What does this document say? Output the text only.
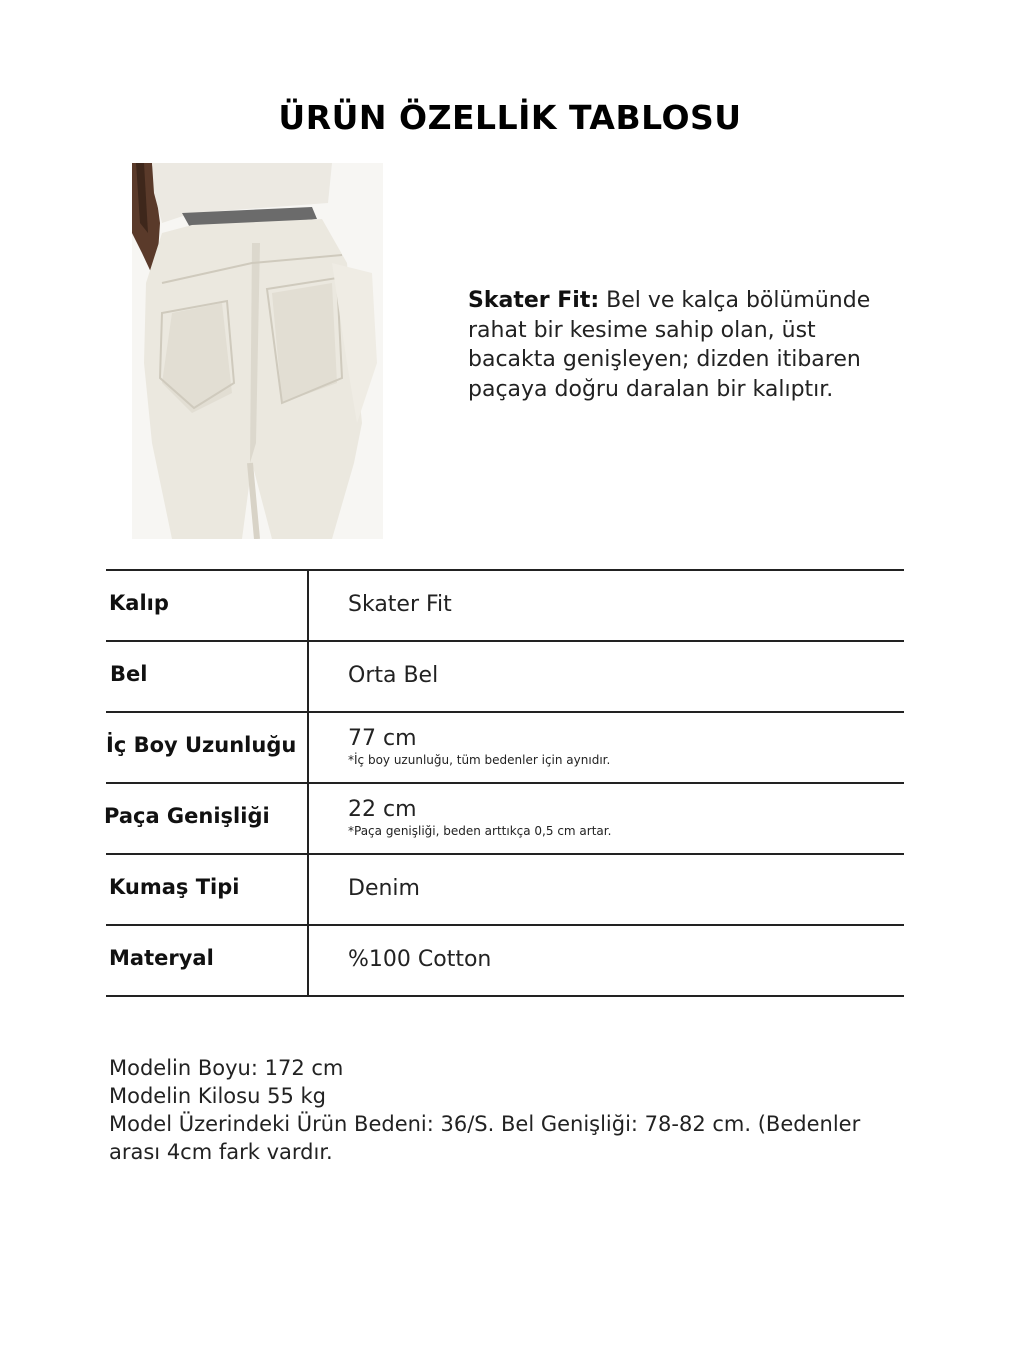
ÜRÜN ÖZELLİK TABLOSU
Skater Fit: Bel ve kalça bölümünde rahat bir kesime sahip olan, üst bacakta genişleyen; dizden itibaren paçaya doğru daralan bir kalıptır.
Kalıp	Skater Fit
Bel	Orta Bel
İç Boy Uzunluğu 77 cm
*İç boy uzunluğu, tüm bedenler için aynıdır.
Paça Genişliği	22 cm
*Paça genişliği, beden arttıkça 0,5 cm artar.
Kumaş Tipi	Denim
Materyal	%100 Cotton
Modelin Boyu: 172 cm
Modelin Kilosu 55 kg
Model Üzerindeki Ürün Bedeni: 36/S. Bel Genişliği: 78-82 cm. (Bedenler arası 4cm fark vardır.
